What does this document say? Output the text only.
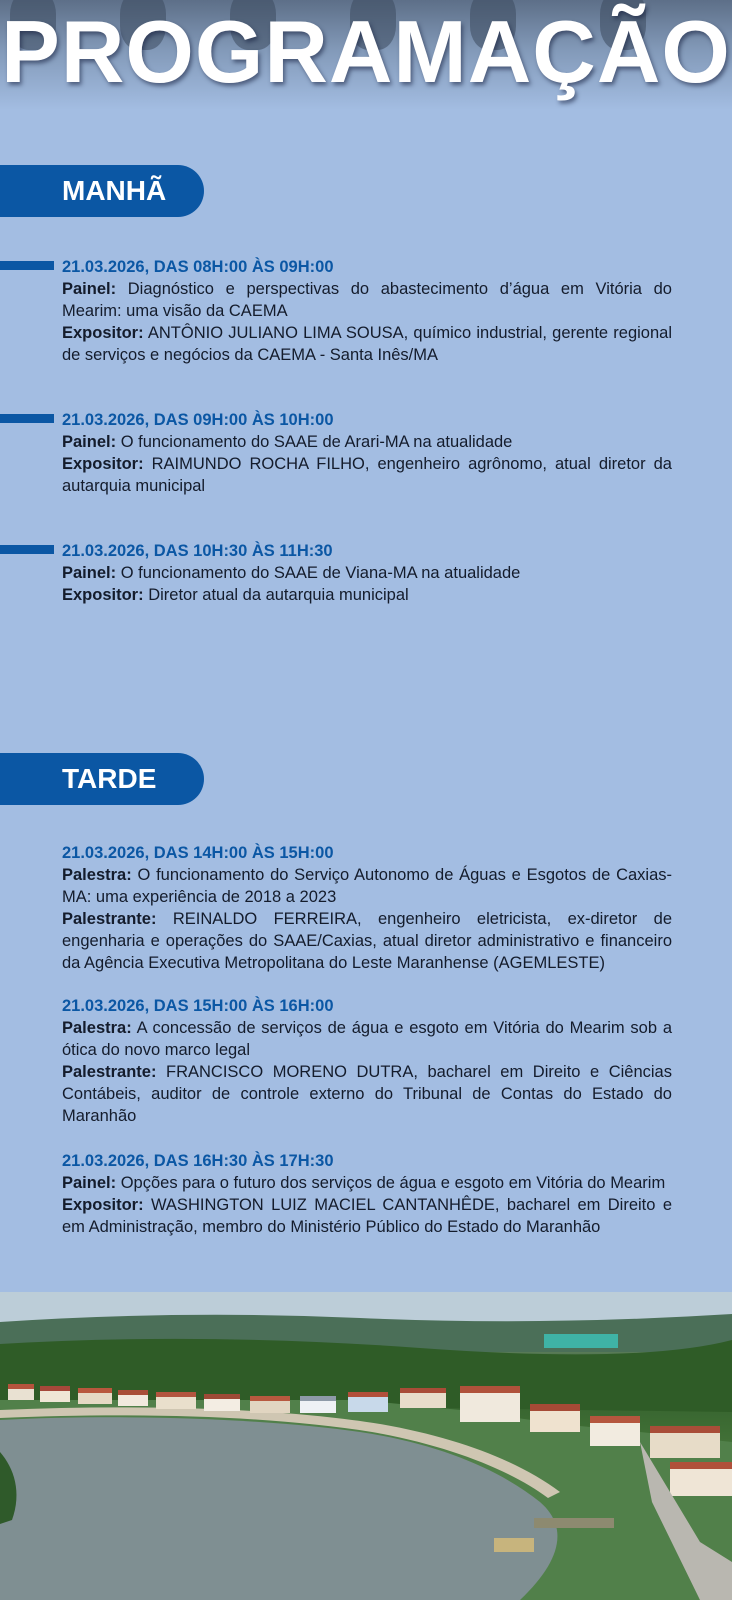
PROGRAMAÇÃO
MANHÃ
21.03.2026, DAS 08H:00 ÀS 09H:00

Painel: Diagnóstico e perspectivas do abastecimento d’água em Vitória do Mearim: uma visão da CAEMA

Expositor: ANTÔNIO JULIANO LIMA SOUSA, químico industrial, gerente regional de serviços e negócios da CAEMA - Santa Inês/MA

21.03.2026, DAS 09H:00 ÀS 10H:00

Painel: O funcionamento do SAAE de Arari-MA na atualidade

Expositor: RAIMUNDO ROCHA FILHO, engenheiro agrônomo, atual diretor da autarquia municipal

21.03.2026, DAS 10H:30 ÀS 11H:30

Painel: O funcionamento do SAAE de Viana-MA na atualidade

Expositor: Diretor atual da autarquia municipal

TARDE
21.03.2026, DAS 14H:00 ÀS 15H:00

Palestra: O funcionamento do Serviço Autonomo de Águas e Esgotos de Caxias-MA: uma experiência de 2018 a 2023

Palestrante: REINALDO FERREIRA, engenheiro eletricista, ex-diretor de engenharia e operações do SAAE/Caxias, atual diretor administrativo e financeiro da Agência Executiva Metropolitana do Leste Maranhense (AGEMLESTE)

21.03.2026, DAS 15H:00 ÀS 16H:00

Palestra: A concessão de serviços de água e esgoto em Vitória do Mearim sob a ótica do novo marco legal

Palestrante: FRANCISCO MORENO DUTRA, bacharel em Direito e Ciências Contábeis, auditor de controle externo do Tribunal de Contas do Estado do Maranhão

21.03.2026, DAS 16H:30 ÀS 17H:30

Painel: Opções para o futuro dos serviços de água e esgoto em Vitória do Mearim

Expositor: WASHINGTON LUIZ MACIEL CANTANHÊDE, bacharel em Direito e em Administração, membro do Ministério Público do Estado do Maranhão
